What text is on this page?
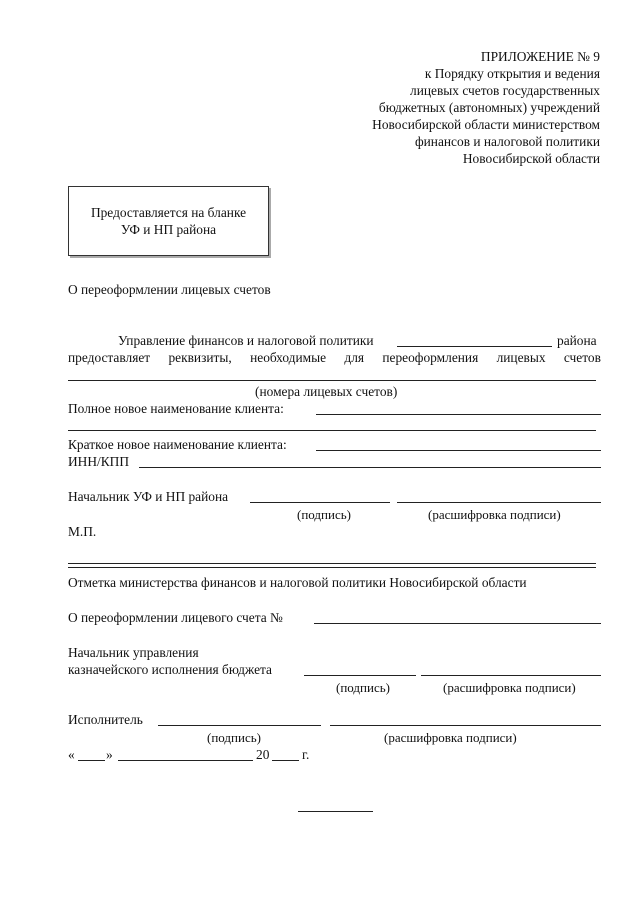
ПРИЛОЖЕНИЕ № 9
к Порядку открытия и ведения
лицевых счетов государственных
бюджетных (автономных) учреждений
Новосибирской области министерством
финансов и налоговой политики
Новосибирской области
Предоставляется на бланке
УФ и НП района
О переоформлении лицевых счетов
Управление финансов и налоговой политики	района
предоставляет реквизиты, необходимые для переоформления лицевых счетов
(номера лицевых счетов)
Полное новое наименование клиента:
Краткое новое наименование клиента:
ИНН/КПП
Начальник УФ и НП района
(подпись)	(расшифровка подписи)
М.П.
Отметка министерства финансов и налоговой политики Новосибирской области
О переоформлении лицевого счета №
Начальник управления
казначейского исполнения бюджета
(подпись)	(расшифровка подписи)
Исполнитель
(подпись)	(расшифровка подписи)
« »	20 г.
